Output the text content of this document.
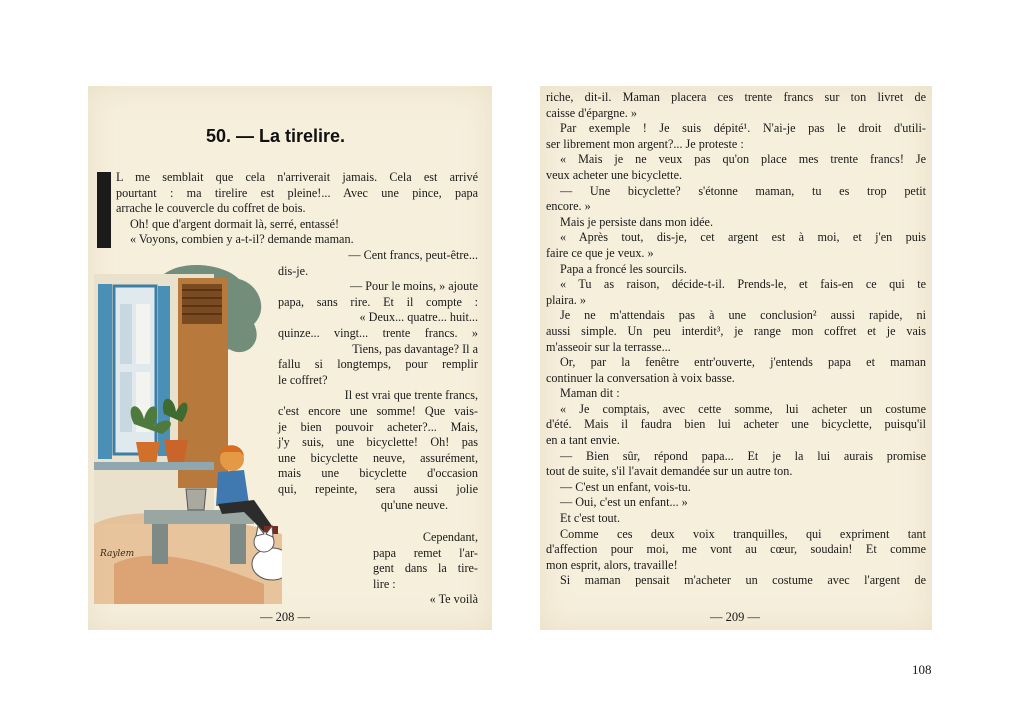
50. — La tirelire.
L me semblait que cela n'arriverait jamais. Cela est arrivé
pourtant : ma tirelire est pleine!... Avec une pince, papa
arrache le couvercle du coffret de bois.
Oh! que d'argent dormait là, serré, entassé!
« Voyons, combien y a-t-il? demande maman.
— Cent francs, peut-être...
dis-je.
— Pour le moins, » ajoute
papa, sans rire. Et il compte :
« Deux... quatre... huit...
quinze... vingt... trente francs. »
Tiens, pas davantage? Il a
fallu si longtemps, pour remplir
le coffret?
Il est vrai que trente francs,
c'est encore une somme! Que vais-
je bien pouvoir acheter?... Mais,
j'y suis, une bicyclette! Oh! pas
une bicyclette neuve, assurément,
mais une bicyclette d'occasion
qui, repeinte, sera aussi jolie
qu'une neuve.
Cependant,
papa remet l'ar-
gent dans la tire-
lire :
« Te voilà
Raylem
— 208 —
riche, dit-il. Maman placera ces trente francs sur ton livret de
caisse d'épargne. »
Par exemple ! Je suis dépité¹. N'ai-je pas le droit d'utili-
ser librement mon argent?... Je proteste :
« Mais je ne veux pas qu'on place mes trente francs! Je
veux acheter une bicyclette.
— Une bicyclette? s'étonne maman, tu es trop petit
encore. »
Mais je persiste dans mon idée.
« Après tout, dis-je, cet argent est à moi, et j'en puis
faire ce que je veux. »
Papa a froncé les sourcils.
« Tu as raison, décide-t-il. Prends-le, et fais-en ce qui te
plaira. »
Je ne m'attendais pas à une conclusion² aussi rapide, ni
aussi simple. Un peu interdit³, je range mon coffret et je vais
m'asseoir sur la terrasse...
Or, par la fenêtre entr'ouverte, j'entends papa et maman
continuer la conversation à voix basse.
Maman dit :
« Je comptais, avec cette somme, lui acheter un costume
d'été. Mais il faudra bien lui acheter une bicyclette, puisqu'il
en a tant envie.
— Bien sûr, répond papa... Et je la lui aurais promise
tout de suite, s'il l'avait demandée sur un autre ton.
— C'est un enfant, vois-tu.
— Oui, c'est un enfant... »
Et c'est tout.
Comme ces deux voix tranquilles, qui expriment tant
d'affection pour moi, me vont au cœur, soudain! Et comme
mon esprit, alors, travaille!
Si maman pensait m'acheter un costume avec l'argent de
— 209 —
108
